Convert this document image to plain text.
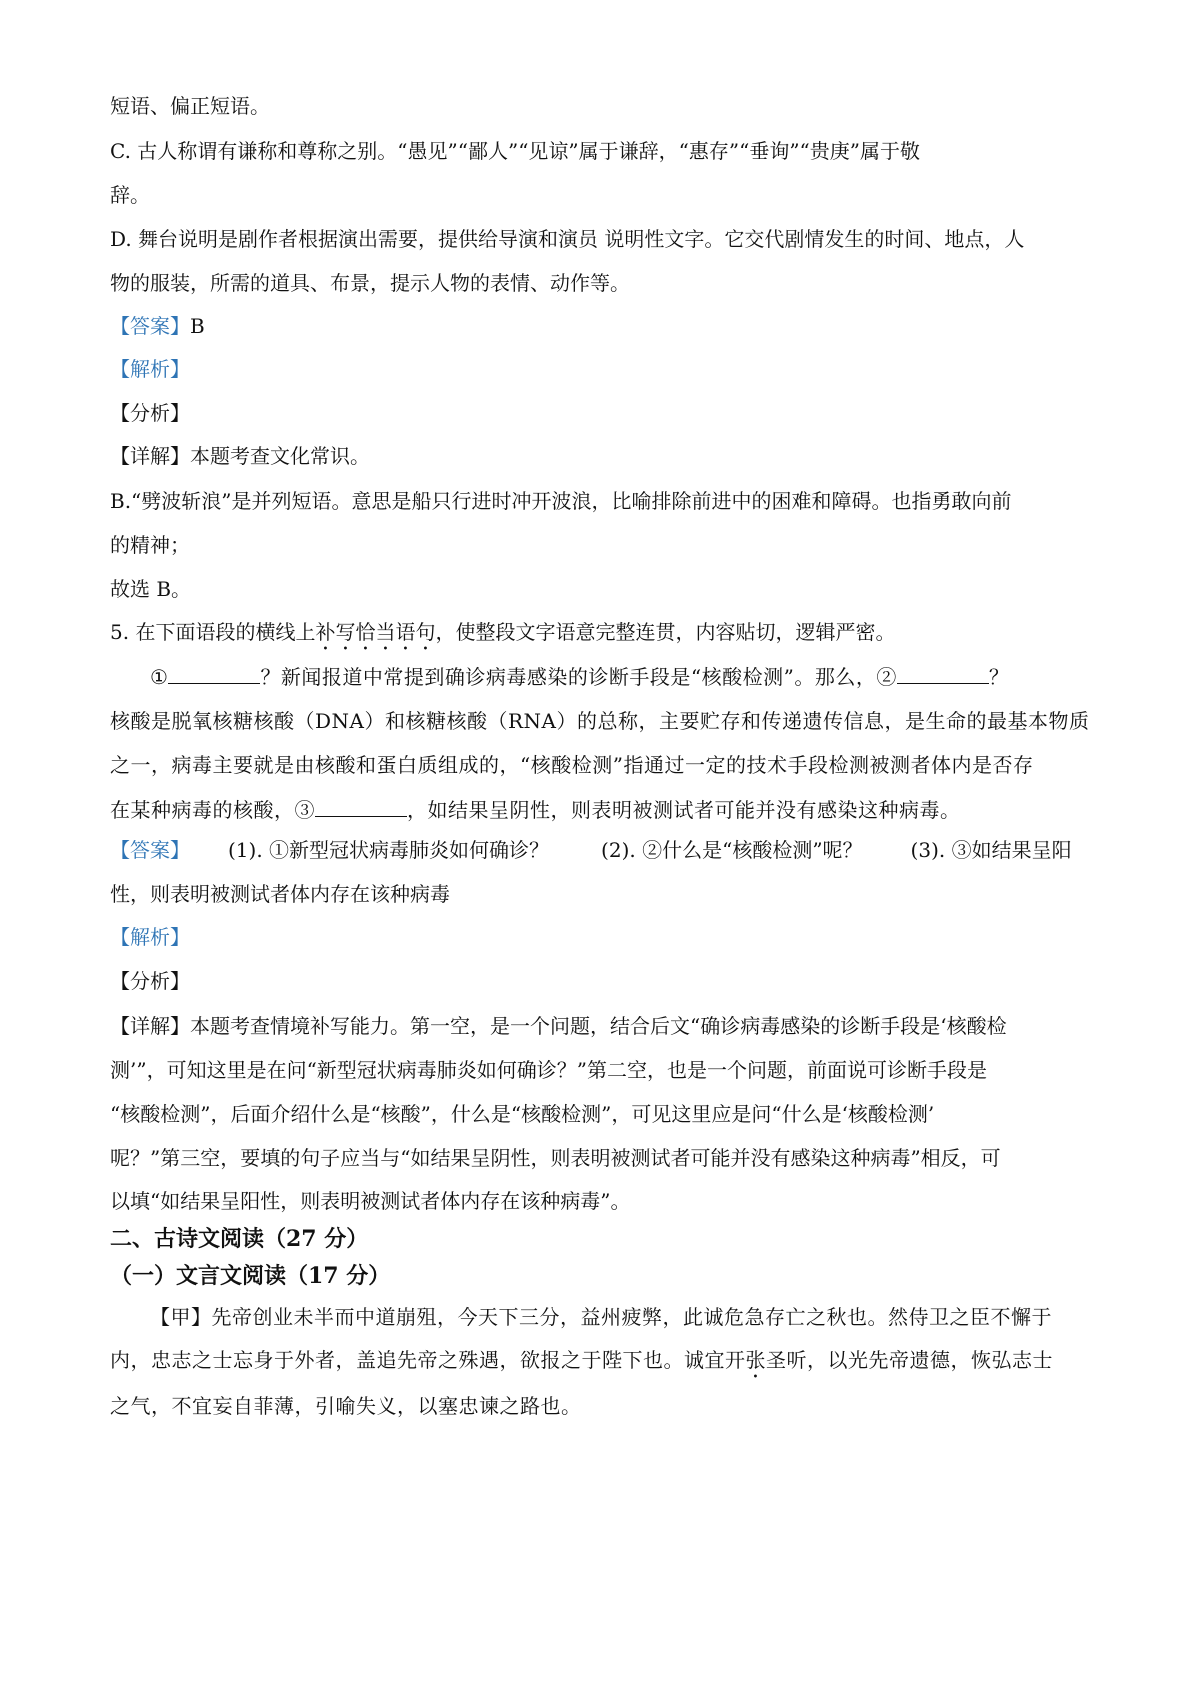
短语、偏正短语。
C. 古人称谓有谦称和尊称之别。“愚见”“鄙人”“见谅”属于谦辞，“惠存”“垂询”“贵庚”属于敬
辞。
D. 舞台说明是剧作者根据演出需要，提供给导演和演员 说明性文字。它交代剧情发生的时间、地点，人
物的服装，所需的道具、布景，提示人物的表情、动作等。
【答案】B
【解析】
【分析】
【详解】本题考查文化常识。
B.“劈波斩浪”是并列短语。意思是船只行进时冲开波浪，比喻排除前进中的困难和障碍。也指勇敢向前
的精神；
故选 B。
5. 在下面语段的横线上补写恰当语句，使整段文字语意完整连贯，内容贴切，逻辑严密。
①	？新闻报道中常提到确诊病毒感染的诊断手段是“核酸检测”。那么，②	？
核酸是脱氧核糖核酸（DNA）和核糖核酸（RNA）的总称，主要贮存和传递遗传信息，是生命的最基本物质
之一，病毒主要就是由核酸和蛋白质组成的，“核酸检测”指通过一定的技术手段检测被测者体内是否存
在某种病毒的核酸，③	，如结果呈阴性，则表明被测试者可能并没有感染这种病毒。
【答案】 (1). ①新型冠状病毒肺炎如何确诊？	(2). ②什么是“核酸检测”呢？ (3). ③如结果呈阳
性，则表明被测试者体内存在该种病毒
【解析】
【分析】
【详解】本题考查情境补写能力。第一空，是一个问题，结合后文“确诊病毒感染的诊断手段是‘核酸检
测’”，可知这里是在问“新型冠状病毒肺炎如何确诊？”第二空，也是一个问题，前面说可诊断手段是
“核酸检测”，后面介绍什么是“核酸”，什么是“核酸检测”，可见这里应是问“什么是‘核酸检测’
呢？”第三空，要填的句子应当与“如结果呈阴性，则表明被测试者可能并没有感染这种病毒”相反，可
以填“如结果呈阳性，则表明被测试者体内存在该种病毒”。
二、古诗文阅读（27 分）
（一）文言文阅读（17 分）
【甲】先帝创业未半而中道崩殂，今天下三分，益州疲弊，此诚危急存亡之秋也。然侍卫之臣不懈于
内，忠志之士忘身于外者，盖追先帝之殊遇，欲报之于陛下也。诚宜开张圣听，以光先帝遗德，恢弘志士
之气，不宜妄自菲薄，引喻失义，以塞忠谏之路也。
